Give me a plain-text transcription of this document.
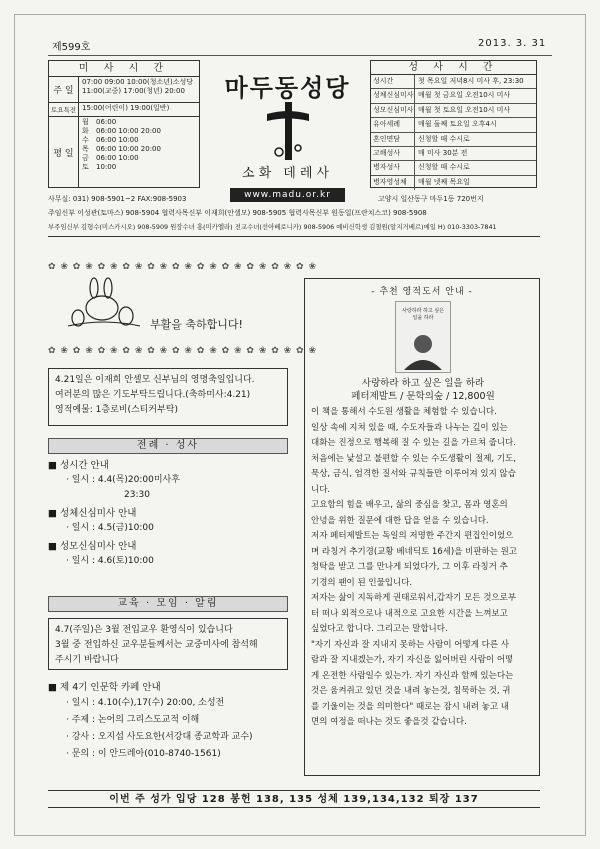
제599호	2013. 3. 31
미 사 시 간
주 일
07:00 09:00 10:00(청소년)소성당
11:00(교중) 17:00(청년) 20:00
토요특전 15:00(어린이) 19:00(일반)
평 일
월	06:00
화	06:00 10:00 20:00
수	06:00 10:00
목	06:00 10:00 20:00
금	06:00 10:00
토	10:00
마두동성당
소화 데레사
www.madu.or.kr
성 사 시 간
성시간	첫 목요일 저녁8시 미사 후, 23:30
성체신심미사 매월 첫 금요일 오전10시 미사
성모신심미사 매월 첫 토요일 오전10시 미사
유아세례	매월 둘째 토요일 오후4시
혼인면담	신청할 때 수시로
고해성사	매 미사 30분 전
병자성사	신청할 때 수시로
병자영성체	매월 넷째 목요일
사무실: 031) 908-5901~2 FAX:908-5903	고양시 일산동구 마두1동 720번지
주임신부 이성관(토마스) 908-5904 협력사목신부 이재희(안셀모) 908-5905 협력사목신부 원동일(프란치스코) 908-5908
부주임신부 김형수(미스카시오) 908-5909 원장수녀 홍(미카엘라) 전교수녀(선아베로니카) 908-5906 예비신학생 김철원(알지거베르)메일 H) 010-3303-7841
✿ ❀ ✿ ❀ ✿ ❀ ✿ ❀ ✿ ❀ ✿ ❀ ✿ ❀ ✿ ❀ ✿ ❀ ✿ ❀ ✿ ❀
부활을 축하합니다!
✿ ❀ ✿ ❀ ✿ ❀ ✿ ❀ ✿ ❀ ✿ ❀ ✿ ❀ ✿ ❀ ✿ ❀ ✿ ❀ ✿ ❀
4.21일은 이재희 안셀모 신부님의 영명축일입니다.
여러분의 많은 기도부탁드립니다.(축하미사:4.21)
영적예물: 1층로비(스티커부탁)
전례 · 성사
■ 성시간 안내
· 일시 : 4.4(목)20:00미사후
23:30
■ 성체신심미사 안내
· 일시 : 4.5(금)10:00
■ 성모신심미사 안내
· 일시 : 4.6(토)10:00
교육 · 모임 · 알림
4.7(주일)은 3월 전입교우 환영식이 있습니다
3월 중 전입하신 교우분들께서는 교중미사에 참석해
주시기 바랍니다
■ 제 4기 인문학 카페 안내
· 일시 : 4.10(수),17(수) 20:00, 소성전
· 주제 : 논어의 그리스도교적 이해
· 강사 : 오지섭 사도요한(서강대 종교학과 교수)
· 문의 : 이 안드레아(010-8740-1561)
- 추천 영적도서 안내 -
사랑하라 하고 싶은 일을 하라
사랑하라 하고 싶은 일을 하라
페터제발트 / 문학의숲 / 12,800원
이 책을 통해서 수도원 생활을 체험할 수 있습니다.
일상 속에 지쳐 있을 때, 수도자들과 나누는 깊이 있는
대화는 진정으로 행복해 질 수 있는 길을 가르쳐 줍니다.
처음에는 낯설고 불편할 수 있는 수도생활이 절제, 기도,
묵상, 금식, 엄격한 질서와 규칙들만 이루어져 있지 않습
니다.
고요함의 힘을 배우고, 삶의 중심을 찾고, 몸과 영혼의
안녕을 위한 질문에 대한 답을 얻을 수 있습니다.
저자 페터제발트는 독일의 저명한 주간지 편집인이었으
며 라칭거 추기경(교황 베네딕토 16세)을 비판하는 원고
청탁을 받고 그를 만나게 되었다가, 그 이후 라칭거 추
기경의 팬이 된 인물입니다.
저자는 삶이 지독하게 권태로워서,갑자기 모든 것으로부
터 떠나 외적으로나 내적으로 고요한 시간을 느껴보고
싶었다고 합니다. 그리고는 말합니다.
"자기 자신과 잘 지내지 못하는 사람이 어떻게 다른 사
람과 잘 지내겠는가, 자기 자신을 잃어버린 사람이 어떻
게 온전한 사람일수 있는가. 자기 자신과 함께 있는다는
것은 움켜쥐고 있던 것을 내려 놓는것, 침묵하는 것, 귀
를 기울이는 것을 의미한다" 때로는 잠시 내려 놓고 내
면의 여정을 떠나는 것도 좋을것 같습니다.
이번 주 성가 입당 128 봉헌 138, 135 성체 139,134,132 퇴장 137
